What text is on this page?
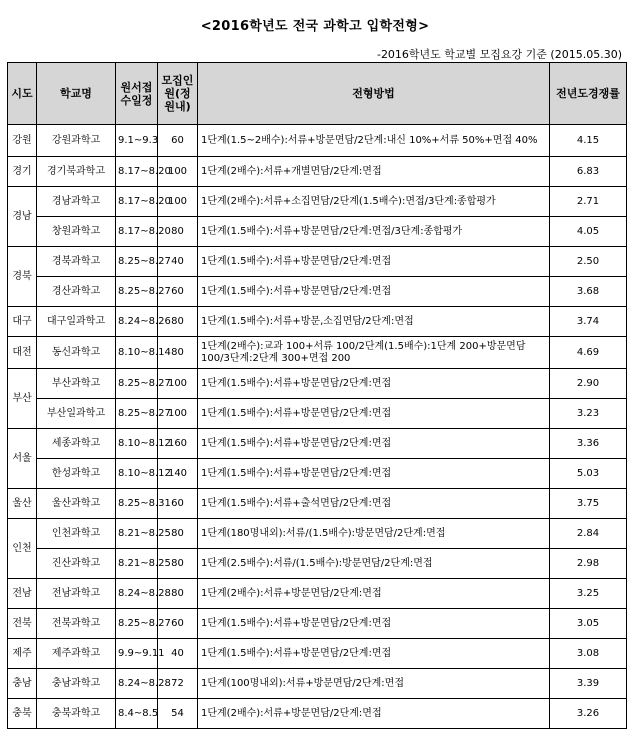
<2016학년도 전국 과학고 입학전형>
-2016학년도 학교별 모집요강 기준 (2015.05.30)
시도	학교명	원서접수일정	모집인원(정원내)	전형방법	전년도경쟁률
강원	강원과학고	9.1~9.3	60	1단계(1.5~2배수):서류+방문면담/2단계:내신 10%+서류 50%+면접 40%	4.15
경기	경기북과학고	8.17~8.20	100	1단계(2배수):서류+개별면담/2단계:면접	6.83
경남	경남과학고	8.17~8.20	100	1단계(2배수):서류+소집면담/2단계(1.5배수):면접/3단계:종합평가	2.71
	창원과학고	8.17~8.20	80	1단계(1.5배수):서류+방문면담/2단계:면접/3단계:종합평가	4.05
경북	경북과학고	8.25~8.27	40	1단계(1.5배수):서류+방문면담/2단계:면접	2.50
	경산과학고	8.25~8.27	60	1단계(1.5배수):서류+방문면담/2단계:면접	3.68
대구	대구일과학고	8.24~8.26	80	1단계(1.5배수):서류+방문,소집면담/2단계:면접	3.74
대전	동신과학고	8.10~8.14	80	1단계(2배수):교과 100+서류 100/2단계(1.5배수):1단계 200+방문면담 100/3단계:2단계 300+면접 200	4.69
부산	부산과학고	8.25~8.27	100	1단계(1.5배수):서류+방문면담/2단계:면접	2.90
	부산일과학고	8.25~8.27	100	1단계(1.5배수):서류+방문면담/2단계:면접	3.23
서울	세종과학고	8.10~8.12	160	1단계(1.5배수):서류+방문면담/2단계:면접	3.36
	한성과학고	8.10~8.12	140	1단계(1.5배수):서류+방문면담/2단계:면접	5.03
울산	울산과학고	8.25~8.31	60	1단계(1.5배수):서류+출석면담/2단계:면접	3.75
인천	인천과학고	8.21~8.25	80	1단계(180명내외):서류/(1.5배수):방문면담/2단계:면접	2.84
	진산과학고	8.21~8.25	80	1단계(2.5배수):서류/(1.5배수):방문면담/2단계:면접	2.98
전남	전남과학고	8.24~8.28	80	1단계(2배수):서류+방문면담/2단계:면접	3.25
전북	전북과학고	8.25~8.27	60	1단계(1.5배수):서류+방문면담/2단계:면접	3.05
제주	제주과학고	9.9~9.11	40	1단계(1.5배수):서류+방문면담/2단계:면접	3.08
충남	충남과학고	8.24~8.28	72	1단계(100명내외):서류+방문면담/2단계:면접	3.39
충북	충북과학고	8.4~8.5	54	1단계(2배수):서류+방문면담/2단계:면접	3.26
